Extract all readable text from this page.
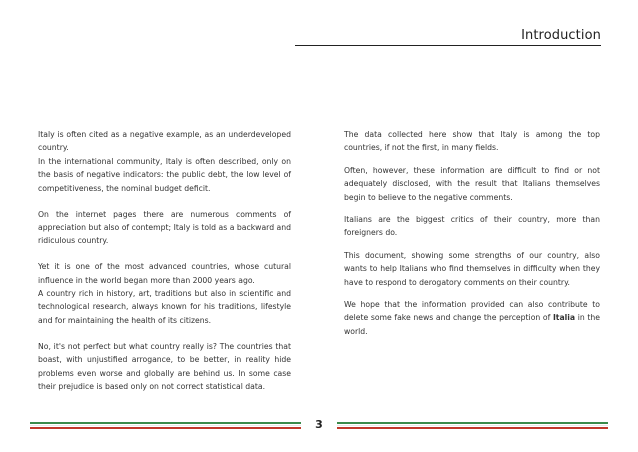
Introduction

Italy is often cited as a negative example, as an underdeveloped country.

In the international community, Italy is often described, only on the basis of negative indicators: the public debt, the low level of competitiveness, the nominal budget deficit.

On the internet pages there are numerous comments of appreciation but also of contempt; Italy is told as a backward and ridiculous country.

Yet it is one of the most advanced countries, whose cutural influence in the world began more than 2000 years ago.

A country rich in history, art, traditions but also in scientific and technological research, always known for his traditions, lifestyle and for maintaining the health of its citizens.

No, it's not perfect but what country really is? The countries that boast, with unjustified arrogance, to be better, in reality hide problems even worse and globally are behind us. In some case their prejudice is based only on not correct statistical data.

The data collected here show that Italy is among the top countries, if not the first, in many fields.

Often, however, these information are difficult to find or not adequately disclosed, with the result that Italians themselves begin to believe to the negative comments.

Italians are the biggest critics of their country, more than foreigners do.

This document, showing some strengths of our country, also wants to help Italians who find themselves in difficulty when they have to respond to derogatory comments on their country.

We hope that the information provided can also contribute to delete some fake news and change the perception of Italia in the world.

3
